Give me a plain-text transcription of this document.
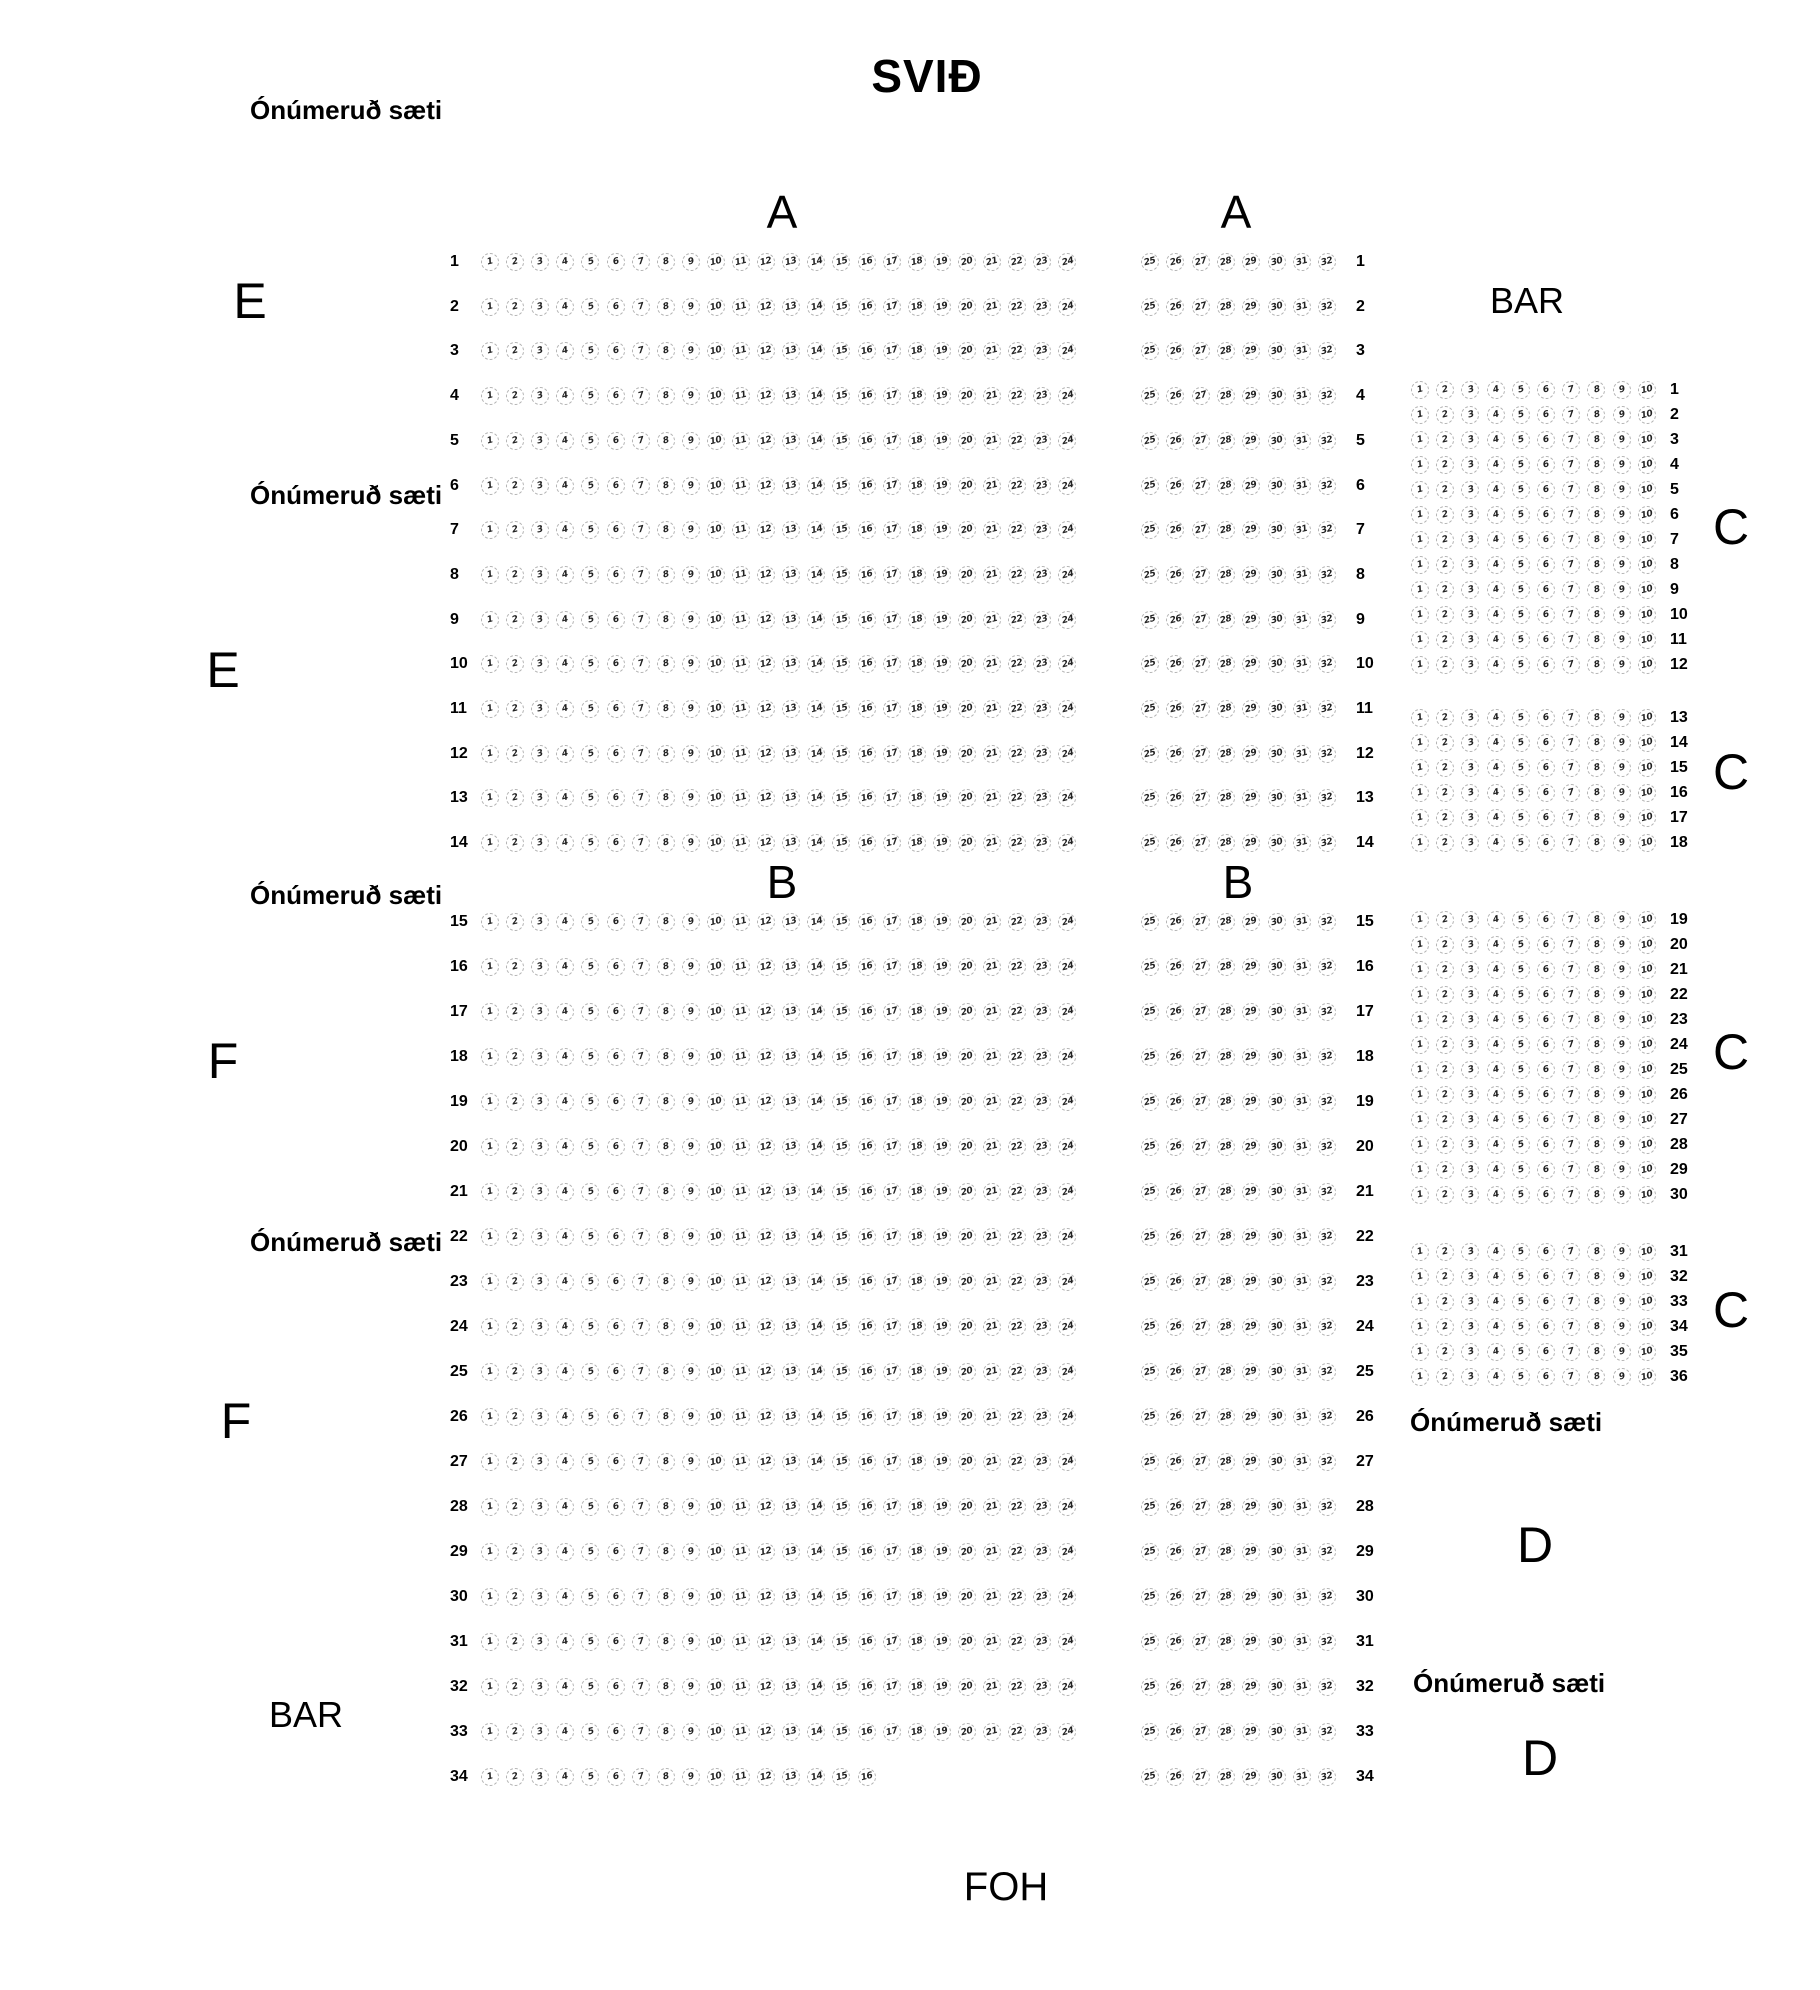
SVIÐ
FOH
BAR
BAR
Ónúmeruð sæti
Ónúmeruð sæti
Ónúmeruð sæti
Ónúmeruð sæti
Ónúmeruð sæti
Ónúmeruð sæti
A	A
B	B
E
E
F
F
C
C
C
C
D
D
1	1 2 3 4 5 6 7 8 9 10 11 12 13 14 15 16 17 18 19 20 21 22 23 24
2	1 2 3 4 5 6 7 8 9 10 11 12 13 14 15 16 17 18 19 20 21 22 23 24
3	1 2 3 4 5 6 7 8 9 10 11 12 13 14 15 16 17 18 19 20 21 22 23 24
4	1 2 3 4 5 6 7 8 9 10 11 12 13 14 15 16 17 18 19 20 21 22 23 24
5	1 2 3 4 5 6 7 8 9 10 11 12 13 14 15 16 17 18 19 20 21 22 23 24
6	1 2 3 4 5 6 7 8 9 10 11 12 13 14 15 16 17 18 19 20 21 22 23 24
7	1 2 3 4 5 6 7 8 9 10 11 12 13 14 15 16 17 18 19 20 21 22 23 24
8	1 2 3 4 5 6 7 8 9 10 11 12 13 14 15 16 17 18 19 20 21 22 23 24
9	1 2 3 4 5 6 7 8 9 10 11 12 13 14 15 16 17 18 19 20 21 22 23 24
10 1 2 3 4 5 6 7 8 9 10 11 12 13 14 15 16 17 18 19 20 21 22 23 24
11 1 2 3 4 5 6 7 8 9 10 11 12 13 14 15 16 17 18 19 20 21 22 23 24
12 1 2 3 4 5 6 7 8 9 10 11 12 13 14 15 16 17 18 19 20 21 22 23 24
13 1 2 3 4 5 6 7 8 9 10 11 12 13 14 15 16 17 18 19 20 21 22 23 24
14 1 2 3 4 5 6 7 8 9 10 11 12 13 14 15 16 17 18 19 20 21 22 23 24
15 1 2 3 4 5 6 7 8 9 10 11 12 13 14 15 16 17 18 19 20 21 22 23 24
16 1 2 3 4 5 6 7 8 9 10 11 12 13 14 15 16 17 18 19 20 21 22 23 24
17 1 2 3 4 5 6 7 8 9 10 11 12 13 14 15 16 17 18 19 20 21 22 23 24
18 1 2 3 4 5 6 7 8 9 10 11 12 13 14 15 16 17 18 19 20 21 22 23 24
19 1 2 3 4 5 6 7 8 9 10 11 12 13 14 15 16 17 18 19 20 21 22 23 24
20 1 2 3 4 5 6 7 8 9 10 11 12 13 14 15 16 17 18 19 20 21 22 23 24
21 1 2 3 4 5 6 7 8 9 10 11 12 13 14 15 16 17 18 19 20 21 22 23 24
22 1 2 3 4 5 6 7 8 9 10 11 12 13 14 15 16 17 18 19 20 21 22 23 24
23 1 2 3 4 5 6 7 8 9 10 11 12 13 14 15 16 17 18 19 20 21 22 23 24
24 1 2 3 4 5 6 7 8 9 10 11 12 13 14 15 16 17 18 19 20 21 22 23 24
25 1 2 3 4 5 6 7 8 9 10 11 12 13 14 15 16 17 18 19 20 21 22 23 24
26 1 2 3 4 5 6 7 8 9 10 11 12 13 14 15 16 17 18 19 20 21 22 23 24
27 1 2 3 4 5 6 7 8 9 10 11 12 13 14 15 16 17 18 19 20 21 22 23 24
28 1 2 3 4 5 6 7 8 9 10 11 12 13 14 15 16 17 18 19 20 21 22 23 24
29 1 2 3 4 5 6 7 8 9 10 11 12 13 14 15 16 17 18 19 20 21 22 23 24
30 1 2 3 4 5 6 7 8 9 10 11 12 13 14 15 16 17 18 19 20 21 22 23 24
31 1 2 3 4 5 6 7 8 9 10 11 12 13 14 15 16 17 18 19 20 21 22 23 24
32 1 2 3 4 5 6 7 8 9 10 11 12 13 14 15 16 17 18 19 20 21 22 23 24
33 1 2 3 4 5 6 7 8 9 10 11 12 13 14 15 16 17 18 19 20 21 22 23 24
34 1 2 3 4 5 6 7 8 9 10 11 12 13 14 15 16
25 26 27 28 29 30 31 32 1
25 26 27 28 29 30 31 32 2
25 26 27 28 29 30 31 32 3
25 26 27 28 29 30 31 32 4
25 26 27 28 29 30 31 32 5
25 26 27 28 29 30 31 32 6
25 26 27 28 29 30 31 32 7
25 26 27 28 29 30 31 32 8
25 26 27 28 29 30 31 32 9
25 26 27 28 29 30 31 32 10
25 26 27 28 29 30 31 32 11
25 26 27 28 29 30 31 32 12
25 26 27 28 29 30 31 32 13
25 26 27 28 29 30 31 32 14
25 26 27 28 29 30 31 32 15
25 26 27 28 29 30 31 32 16
25 26 27 28 29 30 31 32 17
25 26 27 28 29 30 31 32 18
25 26 27 28 29 30 31 32 19
25 26 27 28 29 30 31 32 20
25 26 27 28 29 30 31 32 21
25 26 27 28 29 30 31 32 22
25 26 27 28 29 30 31 32 23
25 26 27 28 29 30 31 32 24
25 26 27 28 29 30 31 32 25
25 26 27 28 29 30 31 32 26
25 26 27 28 29 30 31 32 27
25 26 27 28 29 30 31 32 28
25 26 27 28 29 30 31 32 29
25 26 27 28 29 30 31 32 30
25 26 27 28 29 30 31 32 31
25 26 27 28 29 30 31 32 32
25 26 27 28 29 30 31 32 33
25 26 27 28 29 30 31 32 34
1 2 3 4 5 6 7 8 9 10 1
1 2 3 4 5 6 7 8 9 10 2
1 2 3 4 5 6 7 8 9 10 3
1 2 3 4 5 6 7 8 9 10 4
1 2 3 4 5 6 7 8 9 10 5
1 2 3 4 5 6 7 8 9 10 6
1 2 3 4 5 6 7 8 9 10 7
1 2 3 4 5 6 7 8 9 10 8
1 2 3 4 5 6 7 8 9 10 9
1 2 3 4 5 6 7 8 9 10 10
1 2 3 4 5 6 7 8 9 10 11
1 2 3 4 5 6 7 8 9 10 12
1 2 3 4 5 6 7 8 9 10 13
1 2 3 4 5 6 7 8 9 10 14
1 2 3 4 5 6 7 8 9 10 15
1 2 3 4 5 6 7 8 9 10 16
1 2 3 4 5 6 7 8 9 10 17
1 2 3 4 5 6 7 8 9 10 18
1 2 3 4 5 6 7 8 9 10 19
1 2 3 4 5 6 7 8 9 10 20
1 2 3 4 5 6 7 8 9 10 21
1 2 3 4 5 6 7 8 9 10 22
1 2 3 4 5 6 7 8 9 10 23
1 2 3 4 5 6 7 8 9 10 24
1 2 3 4 5 6 7 8 9 10 25
1 2 3 4 5 6 7 8 9 10 26
1 2 3 4 5 6 7 8 9 10 27
1 2 3 4 5 6 7 8 9 10 28
1 2 3 4 5 6 7 8 9 10 29
1 2 3 4 5 6 7 8 9 10 30
1 2 3 4 5 6 7 8 9 10 31
1 2 3 4 5 6 7 8 9 10 32
1 2 3 4 5 6 7 8 9 10 33
1 2 3 4 5 6 7 8 9 10 34
1 2 3 4 5 6 7 8 9 10 35
1 2 3 4 5 6 7 8 9 10 36
